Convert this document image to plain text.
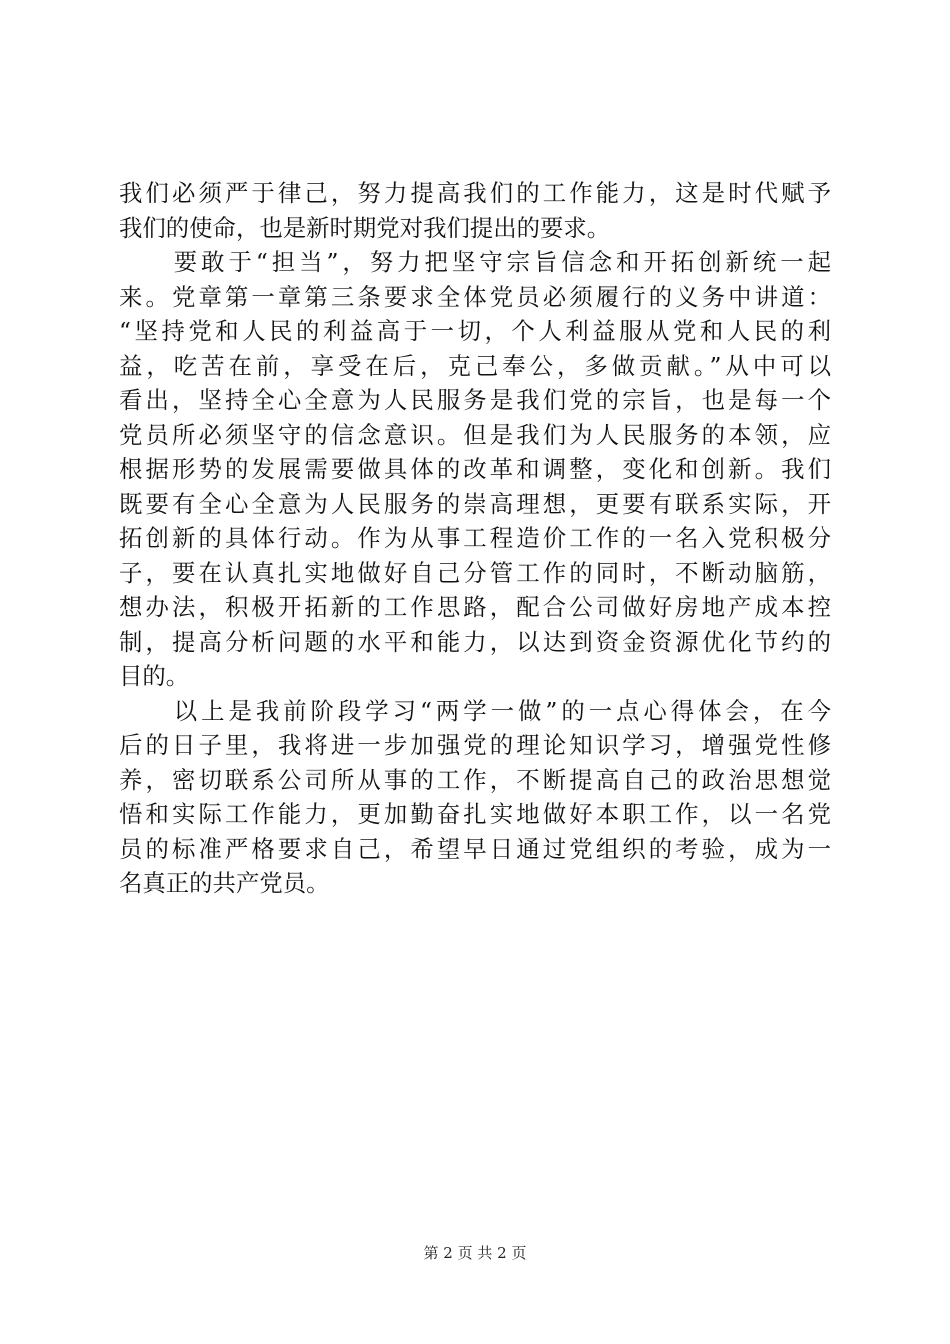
我们必须严于律己，努力提高我们的工作能力，这是时代赋予
我们的使命，也是新时期党对我们提出的要求。
　　要敢于“担当”，努力把坚守宗旨信念和开拓创新统一起
来。党章第一章第三条要求全体党员必须履行的义务中讲道：
“坚持党和人民的利益高于一切，个人利益服从党和人民的利
益，吃苦在前，享受在后，克己奉公，多做贡献。”从中可以
看出，坚持全心全意为人民服务是我们党的宗旨，也是每一个
党员所必须坚守的信念意识。但是我们为人民服务的本领，应
根据形势的发展需要做具体的改革和调整，变化和创新。我们
既要有全心全意为人民服务的崇高理想，更要有联系实际，开
拓创新的具体行动。作为从事工程造价工作的一名入党积极分
子，要在认真扎实地做好自己分管工作的同时，不断动脑筋，
想办法，积极开拓新的工作思路，配合公司做好房地产成本控
制，提高分析问题的水平和能力，以达到资金资源优化节约的
目的。
　　以上是我前阶段学习“两学一做”的一点心得体会，在今
后的日子里，我将进一步加强党的理论知识学习，增强党性修
养，密切联系公司所从事的工作，不断提高自己的政治思想觉
悟和实际工作能力，更加勤奋扎实地做好本职工作，以一名党
员的标准严格要求自己，希望早日通过党组织的考验，成为一
名真正的共产党员。
第 2 页 共 2 页
